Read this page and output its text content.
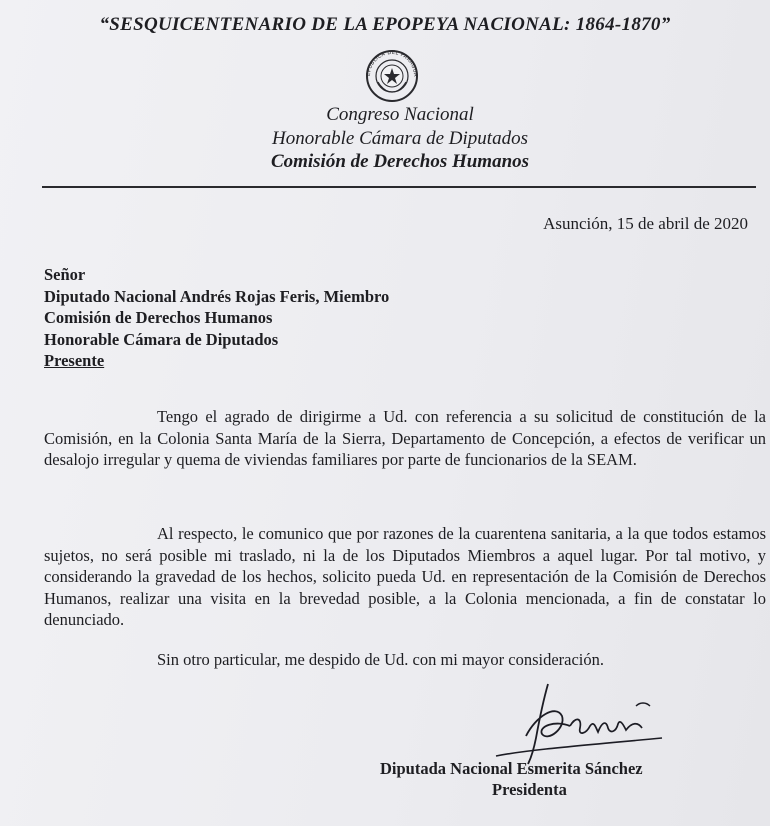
“SESQUICENTENARIO DE LA EPOPEYA NACIONAL: 1864-1870”
EPUBLICA DEL PARAGUA
Congreso Nacional
Honorable Cámara de Diputados
Comisión de Derechos Humanos
Asunción, 15 de abril de 2020
Señor
Diputado Nacional Andrés Rojas Feris, Miembro
Comisión de Derechos Humanos
Honorable Cámara de Diputados
Presente
Tengo el agrado de dirigirme a Ud. con referencia a su solicitud de constitución de la Comisión, en la Colonia Santa María de la Sierra, Departamento de Concepción, a efectos de verificar un desalojo irregular y quema de viviendas familiares por parte de funcionarios de la SEAM.
Al respecto, le comunico que por razones de la cuarentena sanitaria, a la que todos estamos sujetos, no será posible mi traslado, ni la de los Diputados Miembros a aquel lugar. Por tal motivo, y considerando la gravedad de los hechos, solicito pueda Ud. en representación de la Comisión de Derechos Humanos, realizar una visita en la brevedad posible, a la Colonia mencionada, a fin de constatar lo denunciado.
Sin otro particular, me despido de Ud. con mi mayor consideración.
Diputada Nacional Esmerita Sánchez
Presidenta
